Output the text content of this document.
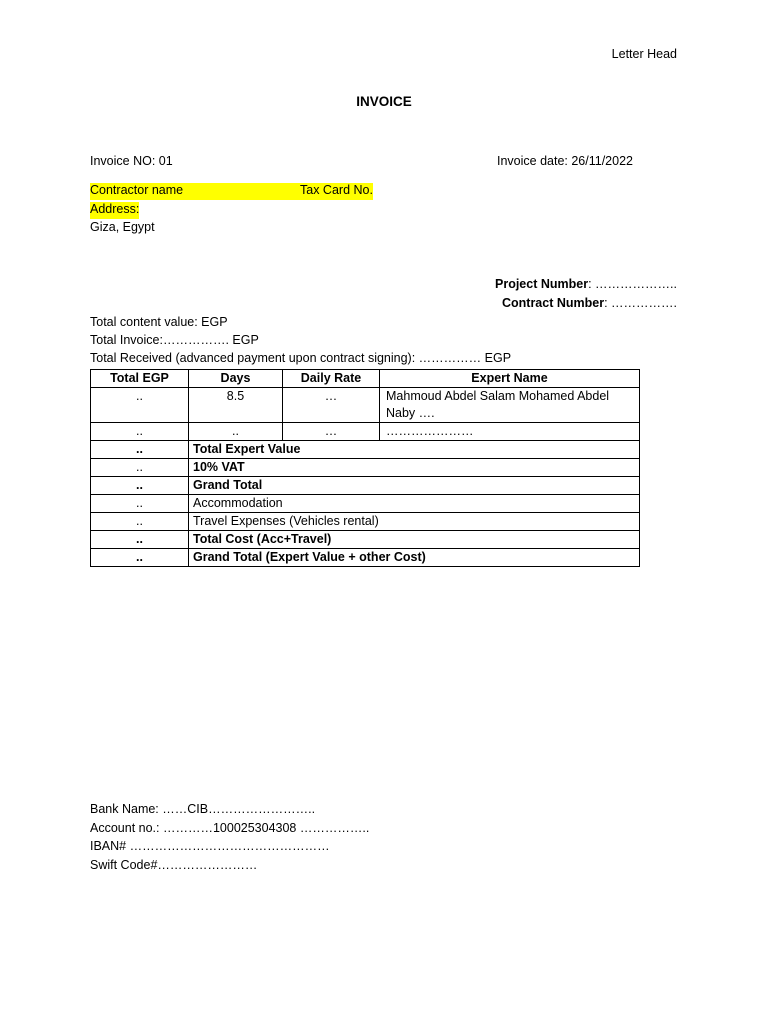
Letter Head
INVOICE
Invoice NO: 01	Invoice date: 26/11/2022
Contractor name	Tax Card No.
Address:
Giza, Egypt
Project Number: ………………..
Contract Number: …………….
Total content value: EGP
Total Invoice:……………. EGP
Total Received (advanced payment upon contract signing): …………… EGP
Total EGP	Days	Daily Rate	Expert Name
..	8.5	…	Mahmoud Abdel Salam Mohamed Abdel Naby ….
..	..	…	…………………
..	Total Expert Value		
..	10% VAT		
..	Grand Total		
..	Accommodation		
..	Travel Expenses (Vehicles rental)		
..	Total Cost (Acc+Travel)		
..	Grand Total (Expert Value + other Cost)		
Bank Name: ……CIB……………………..
Account no.: …………100025304308 ……………..
IBAN# …………………………………………
Swift Code#……………………
